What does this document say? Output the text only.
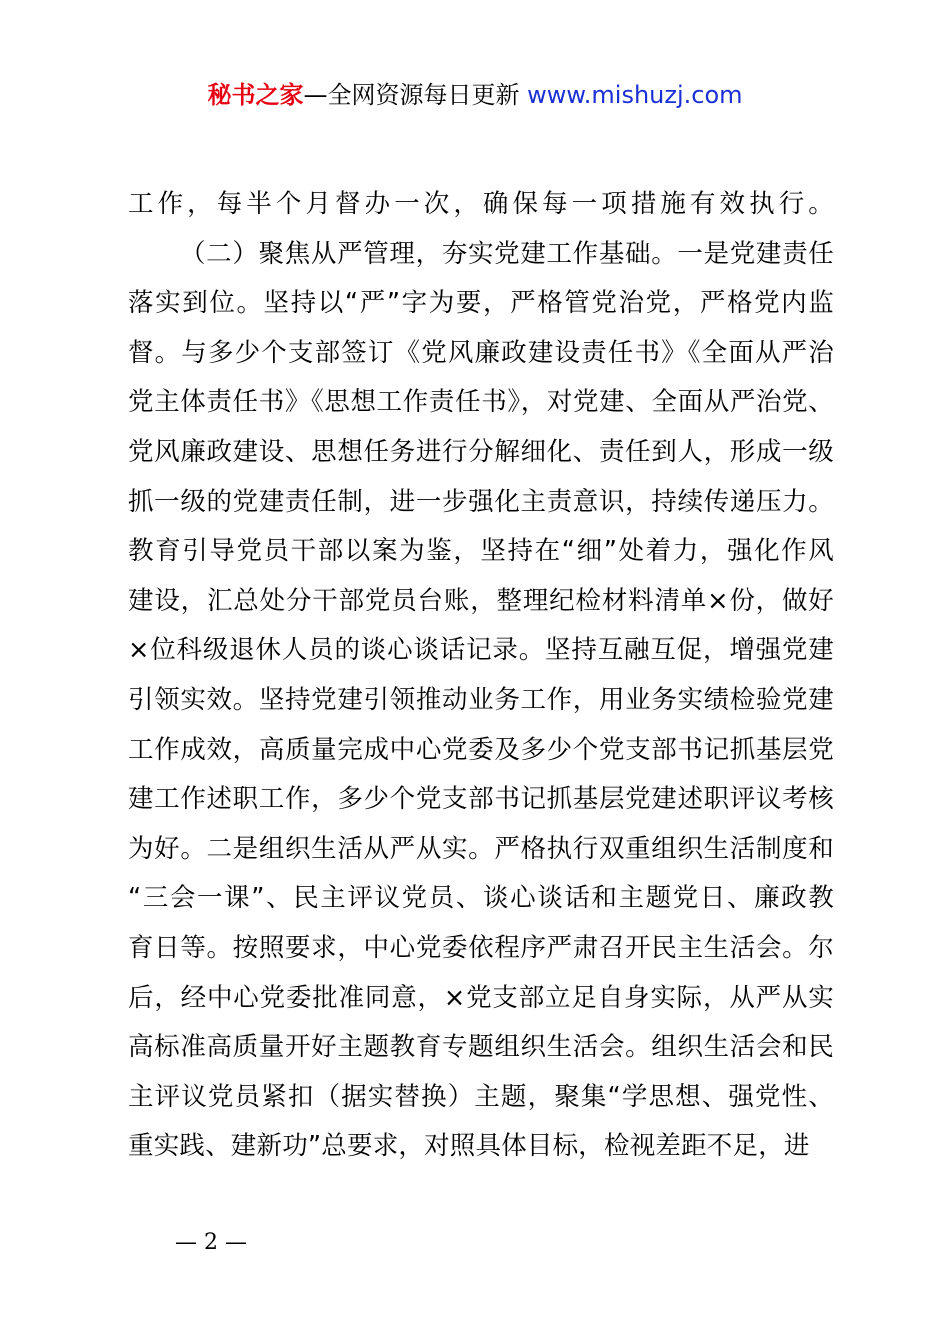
秘书之家—全网资源每日更新 www.mishuzj.com
工作，每半个月督办一次，确保每一项措施有效执行。
（二）聚焦从严管理，夯实党建工作基础。一是党建责任
落实到位。坚持以“严”字为要，严格管党治党，严格党内监
督。与多少个支部签订《党风廉政建设责任书》《全面从严治
党主体责任书》《思想工作责任书》，对党建、全面从严治党、
党风廉政建设、思想任务进行分解细化、责任到人，形成一级
抓一级的党建责任制，进一步强化主责意识，持续传递压力。
教育引导党员干部以案为鉴，坚持在“细”处着力，强化作风
建设，汇总处分干部党员台账，整理纪检材料清单×份，做好
×位科级退休人员的谈心谈话记录。坚持互融互促，增强党建
引领实效。坚持党建引领推动业务工作，用业务实绩检验党建
工作成效，高质量完成中心党委及多少个党支部书记抓基层党
建工作述职工作，多少个党支部书记抓基层党建述职评议考核
为好。二是组织生活从严从实。严格执行双重组织生活制度和
“三会一课”、民主评议党员、谈心谈话和主题党日、廉政教
育日等。按照要求，中心党委依程序严肃召开民主生活会。尔
后，经中心党委批准同意，×党支部立足自身实际，从严从实
高标准高质量开好主题教育专题组织生活会。组织生活会和民
主评议党员紧扣（据实替换）主题，聚集“学思想、强党性、
重实践、建新功”总要求，对照具体目标，检视差距不足，进
— 2 —
